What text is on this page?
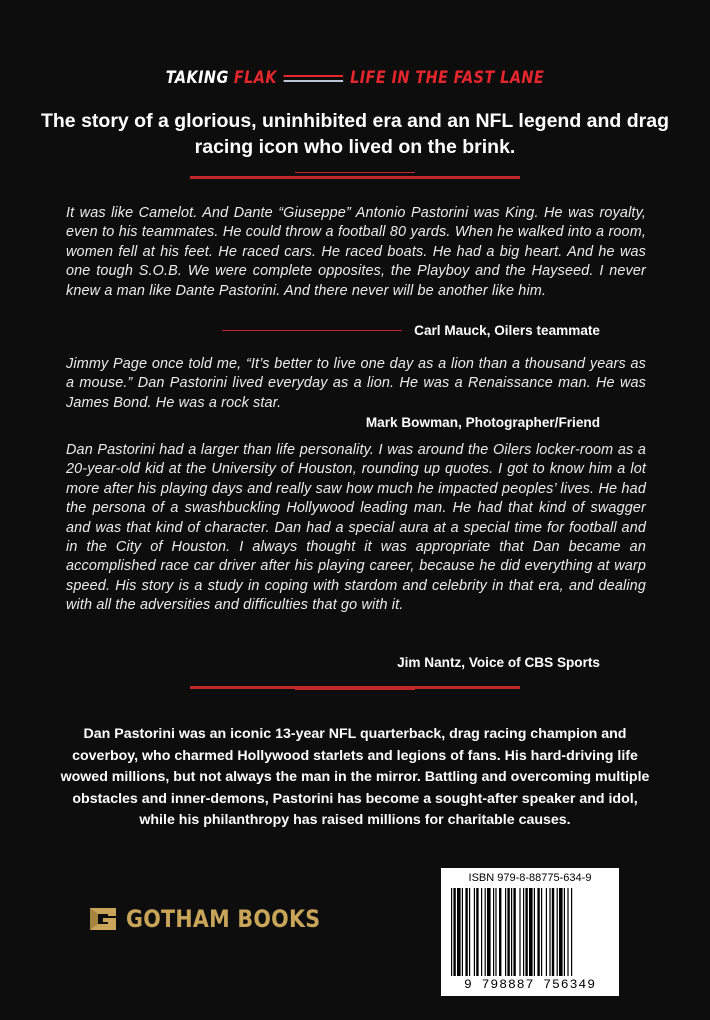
TAKING FLAK	LIFE IN THE FAST LANE
The story of a glorious, uninhibited era and an NFL legend and drag racing icon who lived on the brink.
It was like Camelot. And Dante “Giuseppe” Antonio Pastorini was King. He was royalty, even to his teammates. He could throw a football 80 yards. When he walked into a room, women fell at his feet. He raced cars. He raced boats. He had a big heart. And he was one tough S.O.B. We were complete opposites, the Playboy and the Hayseed. I never knew a man like Dante Pastorini. And there never will be another like him.
Carl Mauck, Oilers teammate
Jimmy Page once told me, “It’s better to live one day as a lion than a thousand years as a mouse.” Dan Pastorini lived everyday as a lion. He was a Renaissance man. He was James Bond. He was a rock star.
Mark Bowman, Photographer/Friend
Dan Pastorini had a larger than life personality. I was around the Oilers locker-room as a 20-year-old kid at the University of Houston, rounding up quotes. I got to know him a lot more after his playing days and really saw how much he impacted peoples’ lives. He had the persona of a swashbuckling Hollywood leading man. He had that kind of swagger and was that kind of character. Dan had a special aura at a special time for football and in the City of Houston. I always thought it was appropriate that Dan became an accomplished race car driver after his playing career, because he did everything at warp speed. His story is a study in coping with stardom and celebrity in that era, and dealing with all the adversities and difficulties that go with it.
Jim Nantz, Voice of CBS Sports
Dan Pastorini was an iconic 13-year NFL quarterback, drag racing champion and coverboy, who charmed Hollywood starlets and legions of fans. His hard-driving life wowed millions, but not always the man in the mirror. Battling and overcoming multiple obstacles and inner-demons, Pastorini has become a sought-after speaker and idol, while his philanthropy has raised millions for charitable causes.
GOTHAM BOOKS
ISBN 979-8-88775-634-9
9 798887 756349
